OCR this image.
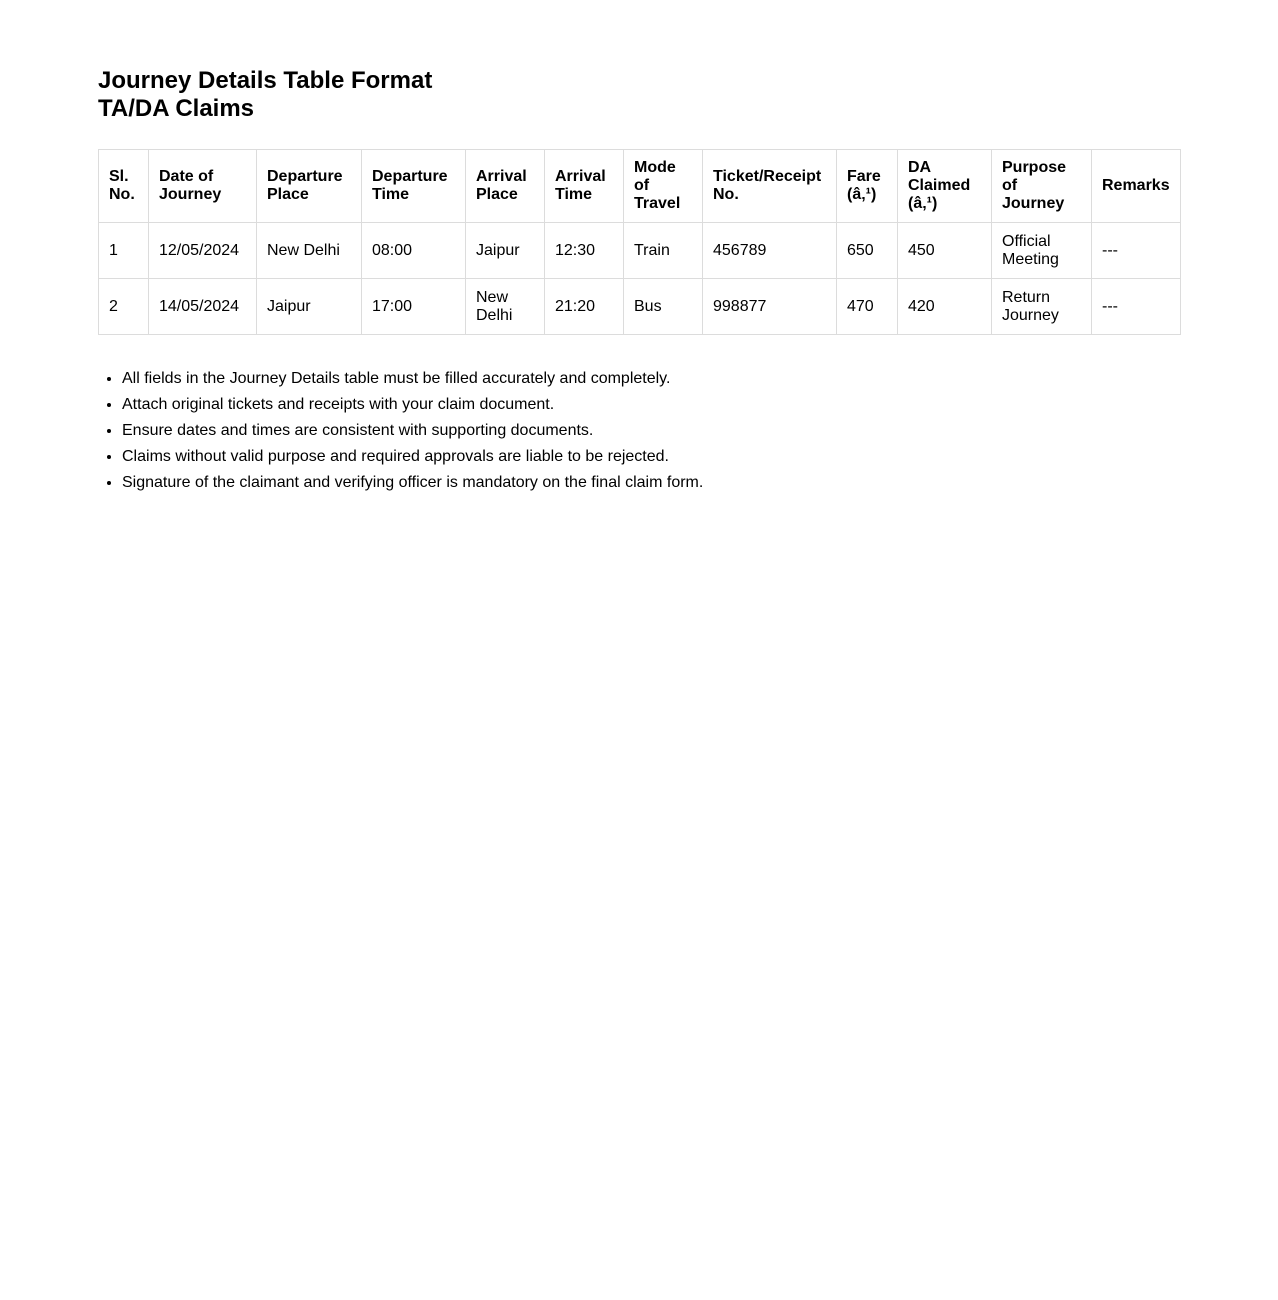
Journey Details Table Format
TA/DA Claims
Sl. No.	Date of Journey	Departure Place	Departure Time	Arrival Place	Arrival Time	Mode of Travel	Ticket/Receipt No.	Fare (â‚¹)	DA Claimed (â‚¹)	Purpose of Journey	Remarks
1	12/05/2024	New Delhi	08:00	Jaipur	12:30	Train	456789	650	450	Official Meeting	---
2	14/05/2024	Jaipur	17:00	New Delhi	21:20	Bus	998877	470	420	Return Journey	---
• All fields in the Journey Details table must be filled accurately and completely.
• Attach original tickets and receipts with your claim document.
• Ensure dates and times are consistent with supporting documents.
• Claims without valid purpose and required approvals are liable to be rejected.
• Signature of the claimant and verifying officer is mandatory on the final claim form.
